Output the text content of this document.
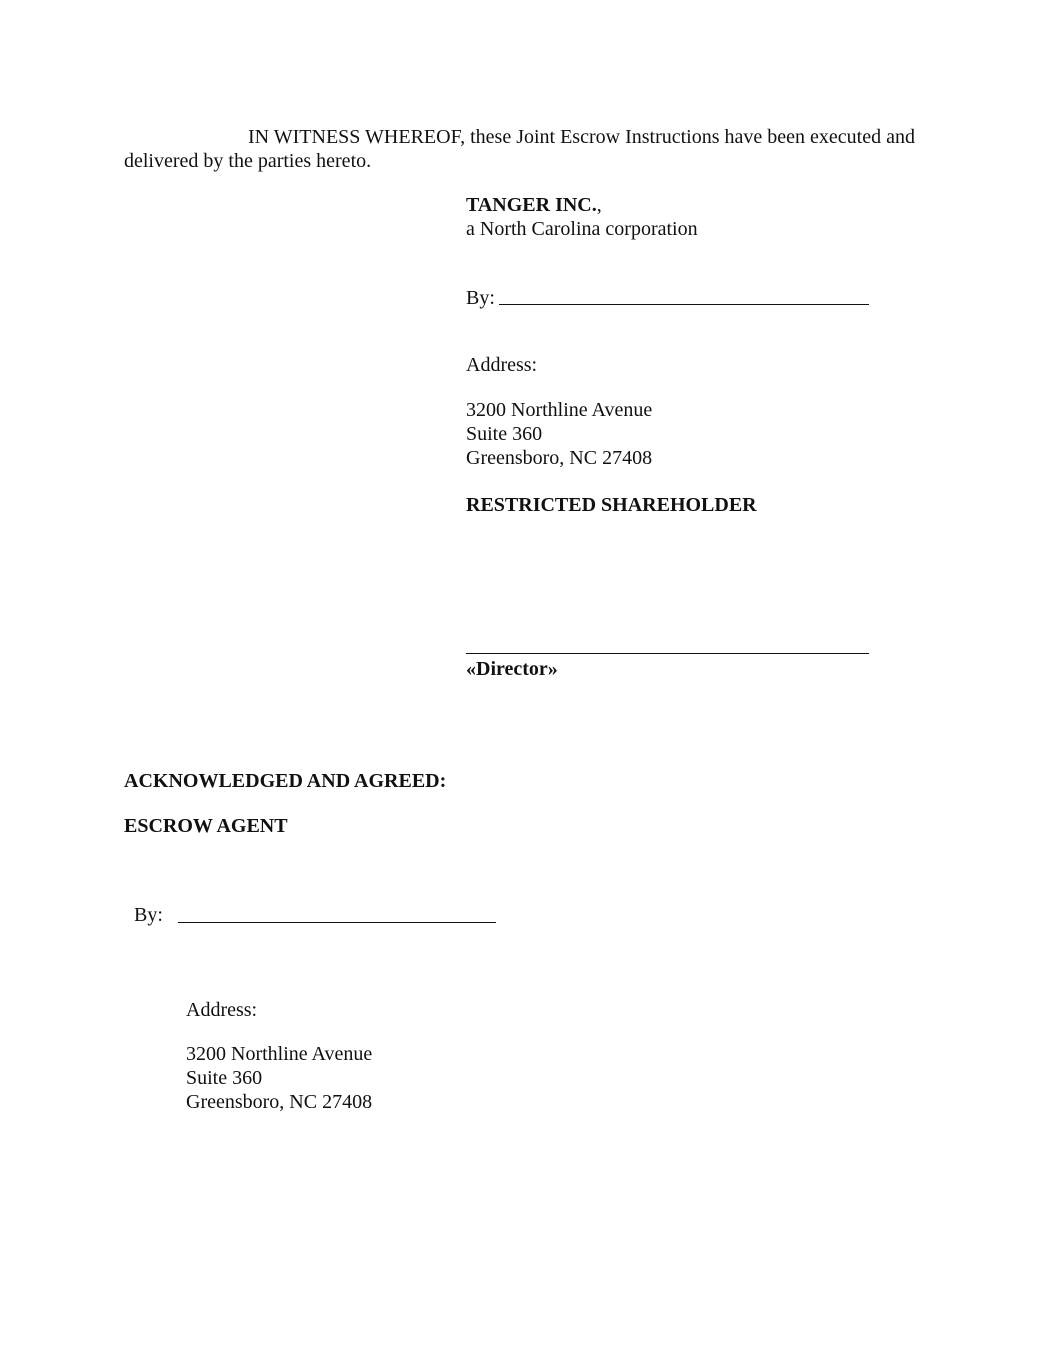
IN WITNESS WHEREOF, these Joint Escrow Instructions have been executed and
delivered by the parties hereto.
TANGER INC.,
a North Carolina corporation
By:
Address:
3200 Northline Avenue
Suite 360
Greensboro, NC 27408
RESTRICTED SHAREHOLDER
«Director»
ACKNOWLEDGED AND AGREED:
ESCROW AGENT
By:
Address:
3200 Northline Avenue
Suite 360
Greensboro, NC 27408
